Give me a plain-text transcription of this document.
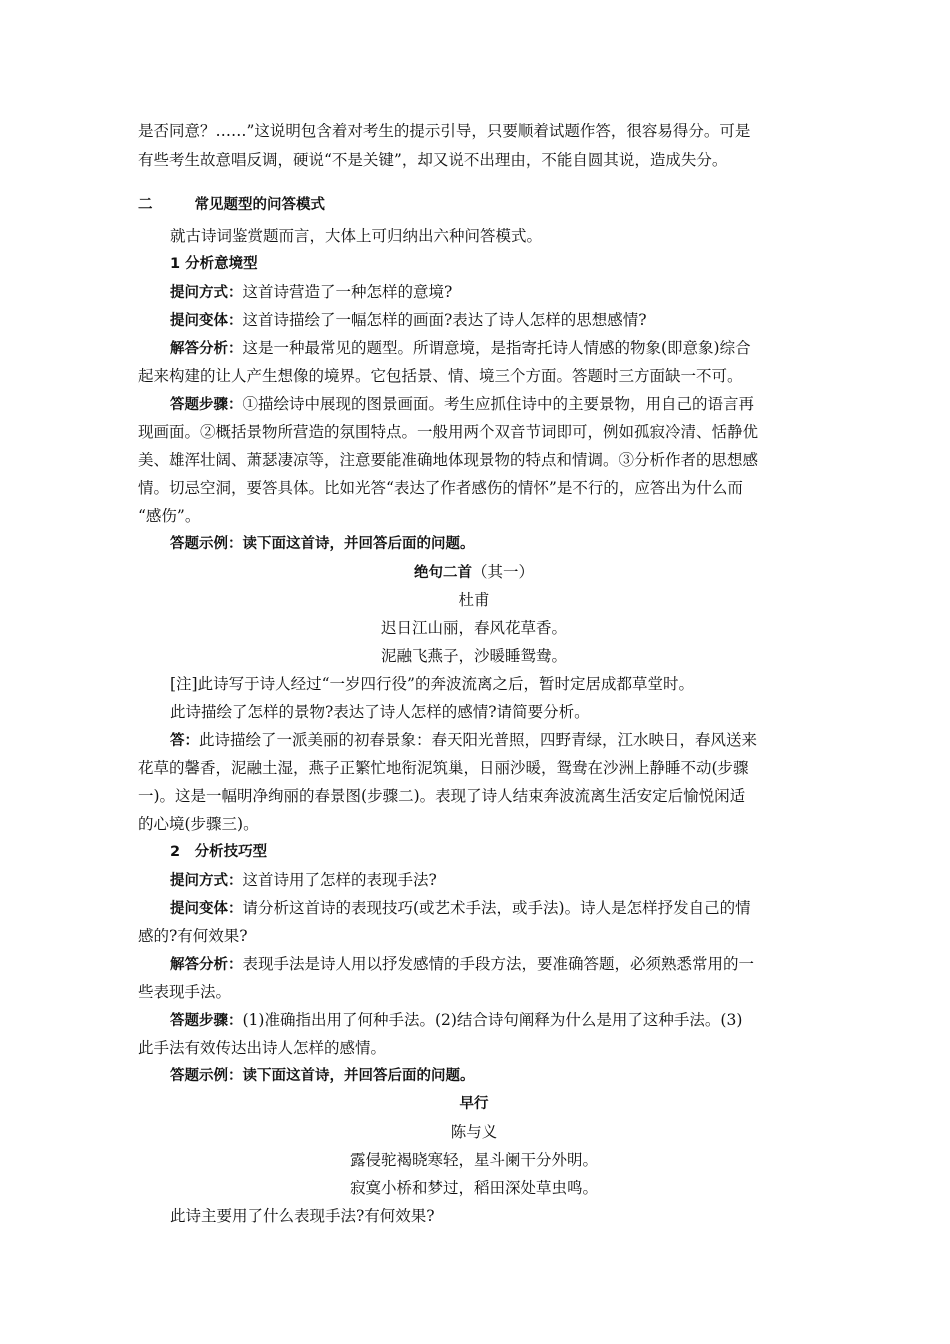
是否同意？……”这说明包含着对考生的提示引导，只要顺着试题作答，很容易得分。可是
有些考生故意唱反调，硬说“不是关键”，却又说不出理由，不能自圆其说，造成失分。
二	常见题型的问答模式
就古诗词鉴赏题而言，大体上可归纳出六种问答模式。
1 分析意境型
提问方式：这首诗营造了一种怎样的意境?
提问变体：这首诗描绘了一幅怎样的画面?表达了诗人怎样的思想感情?
解答分析：这是一种最常见的题型。所谓意境，是指寄托诗人情感的物象(即意象)综合
起来构建的让人产生想像的境界。它包括景、情、境三个方面。答题时三方面缺一不可。
答题步骤：①描绘诗中展现的图景画面。考生应抓住诗中的主要景物，用自己的语言再
现画面。②概括景物所营造的氛围特点。一般用两个双音节词即可，例如孤寂冷清、恬静优
美、雄浑壮阔、萧瑟凄凉等，注意要能准确地体现景物的特点和情调。③分析作者的思想感
情。切忌空洞，要答具体。比如光答“表达了作者感伤的情怀”是不行的，应答出为什么而
“感伤”。
答题示例：读下面这首诗，并回答后面的问题。
绝句二首（其一）
杜甫
迟日江山丽，春风花草香。
泥融飞燕子，沙暖睡鸳鸯。
[注]此诗写于诗人经过“一岁四行役”的奔波流离之后，暂时定居成都草堂时。
此诗描绘了怎样的景物?表达了诗人怎样的感情?请简要分析。
答：此诗描绘了一派美丽的初春景象：春天阳光普照，四野青绿，江水映日，春风送来
花草的馨香，泥融土湿，燕子正繁忙地衔泥筑巢，日丽沙暖，鸳鸯在沙洲上静睡不动(步骤
一)。这是一幅明净绚丽的春景图(步骤二)。表现了诗人结束奔波流离生活安定后愉悦闲适
的心境(步骤三)。
2　分析技巧型
提问方式：这首诗用了怎样的表现手法?
提问变体：请分析这首诗的表现技巧(或艺术手法，或手法)。诗人是怎样抒发自己的情
感的?有何效果?
解答分析：表现手法是诗人用以抒发感情的手段方法，要准确答题，必须熟悉常用的一
些表现手法。
答题步骤：(1)准确指出用了何种手法。(2)结合诗句阐释为什么是用了这种手法。(3)
此手法有效传达出诗人怎样的感情。
答题示例：读下面这首诗，并回答后面的问题。
早行
陈与义
露侵驼褐晓寒轻，星斗阑干分外明。
寂寞小桥和梦过，稻田深处草虫鸣。
此诗主要用了什么表现手法?有何效果?
